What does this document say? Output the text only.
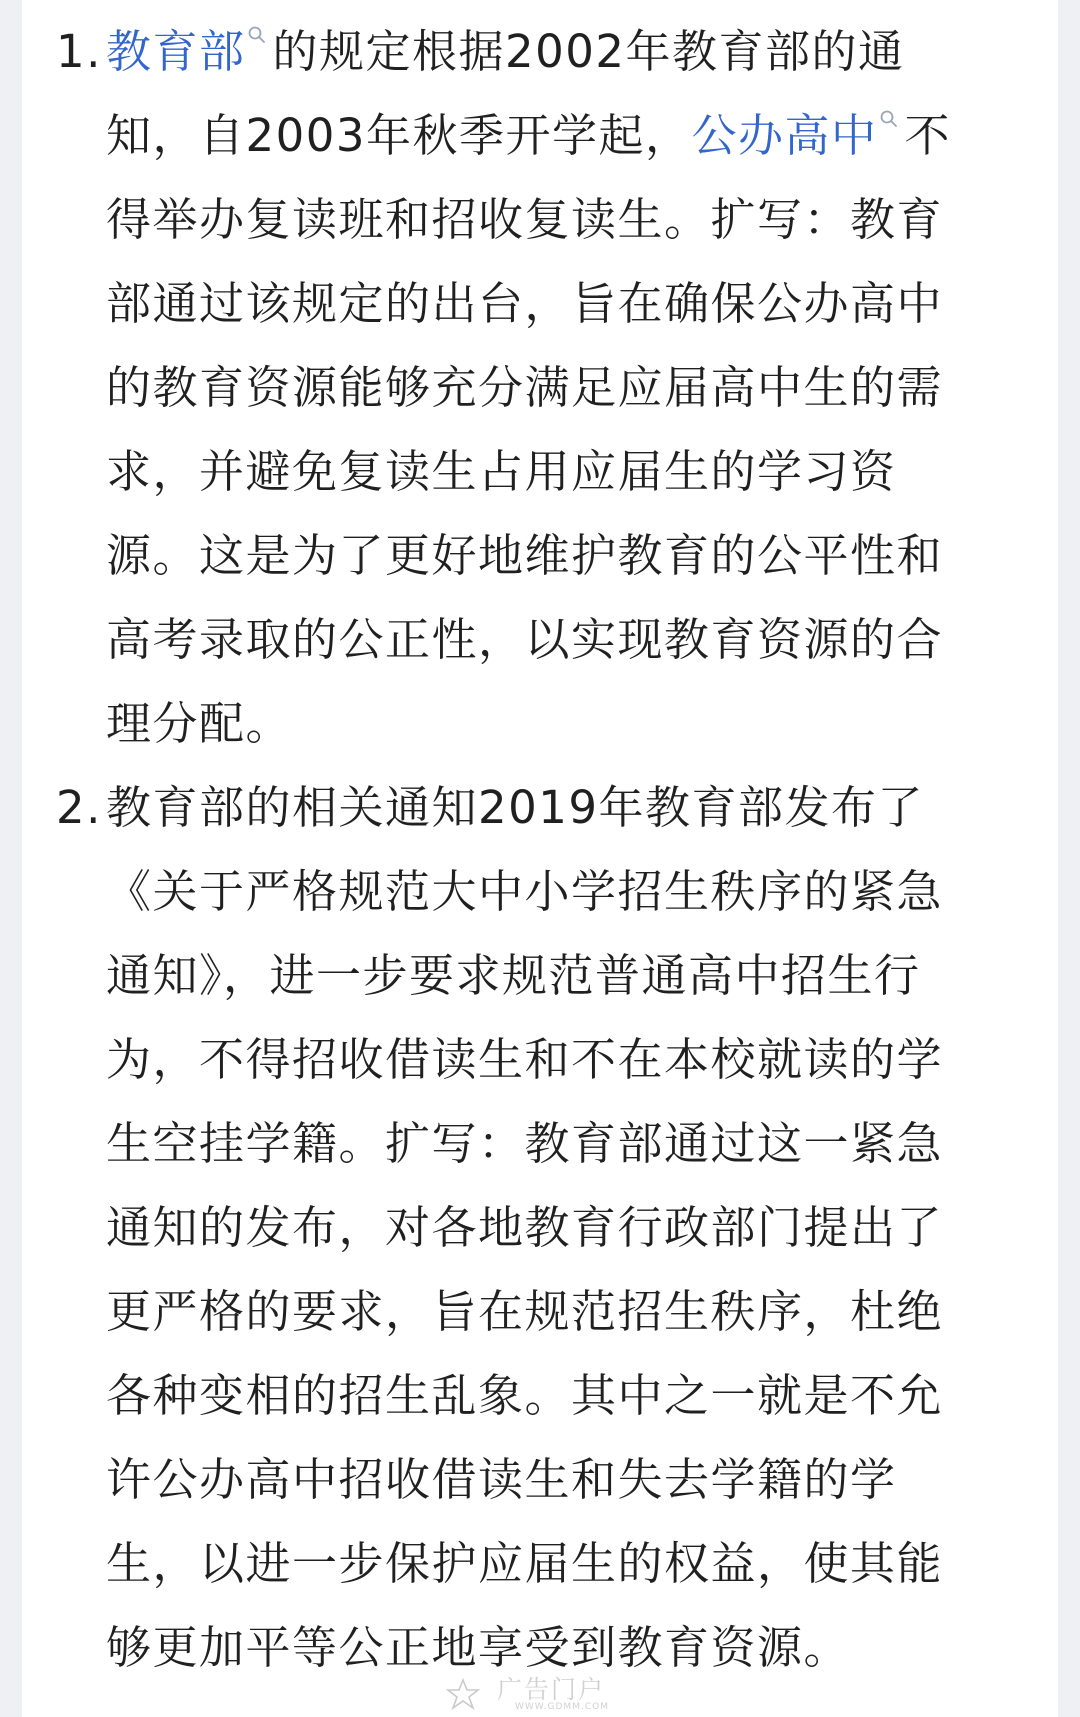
1. 教育部 的规定根据2002年教育部的通
知，自2003年秋季开学起，公办高中 不
得举办复读班和招收复读生。扩写：教育
部通过该规定的出台，旨在确保公办高中
的教育资源能够充分满足应届高中生的需
求，并避免复读生占用应届生的学习资
源。这是为了更好地维护教育的公平性和
高考录取的公正性，以实现教育资源的合
理分配。
2. 教育部的相关通知2019年教育部发布了
《关于严格规范大中小学招生秩序的紧急
通知》，进一步要求规范普通高中招生行
为，不得招收借读生和不在本校就读的学
生空挂学籍。扩写：教育部通过这一紧急
通知的发布，对各地教育行政部门提出了
更严格的要求，旨在规范招生秩序，杜绝
各种变相的招生乱象。其中之一就是不允
许公办高中招收借读生和失去学籍的学
生，以进一步保护应届生的权益，使其能
够更加平等公正地享受到教育资源。
广告门户
WWW.GDMM.COM
